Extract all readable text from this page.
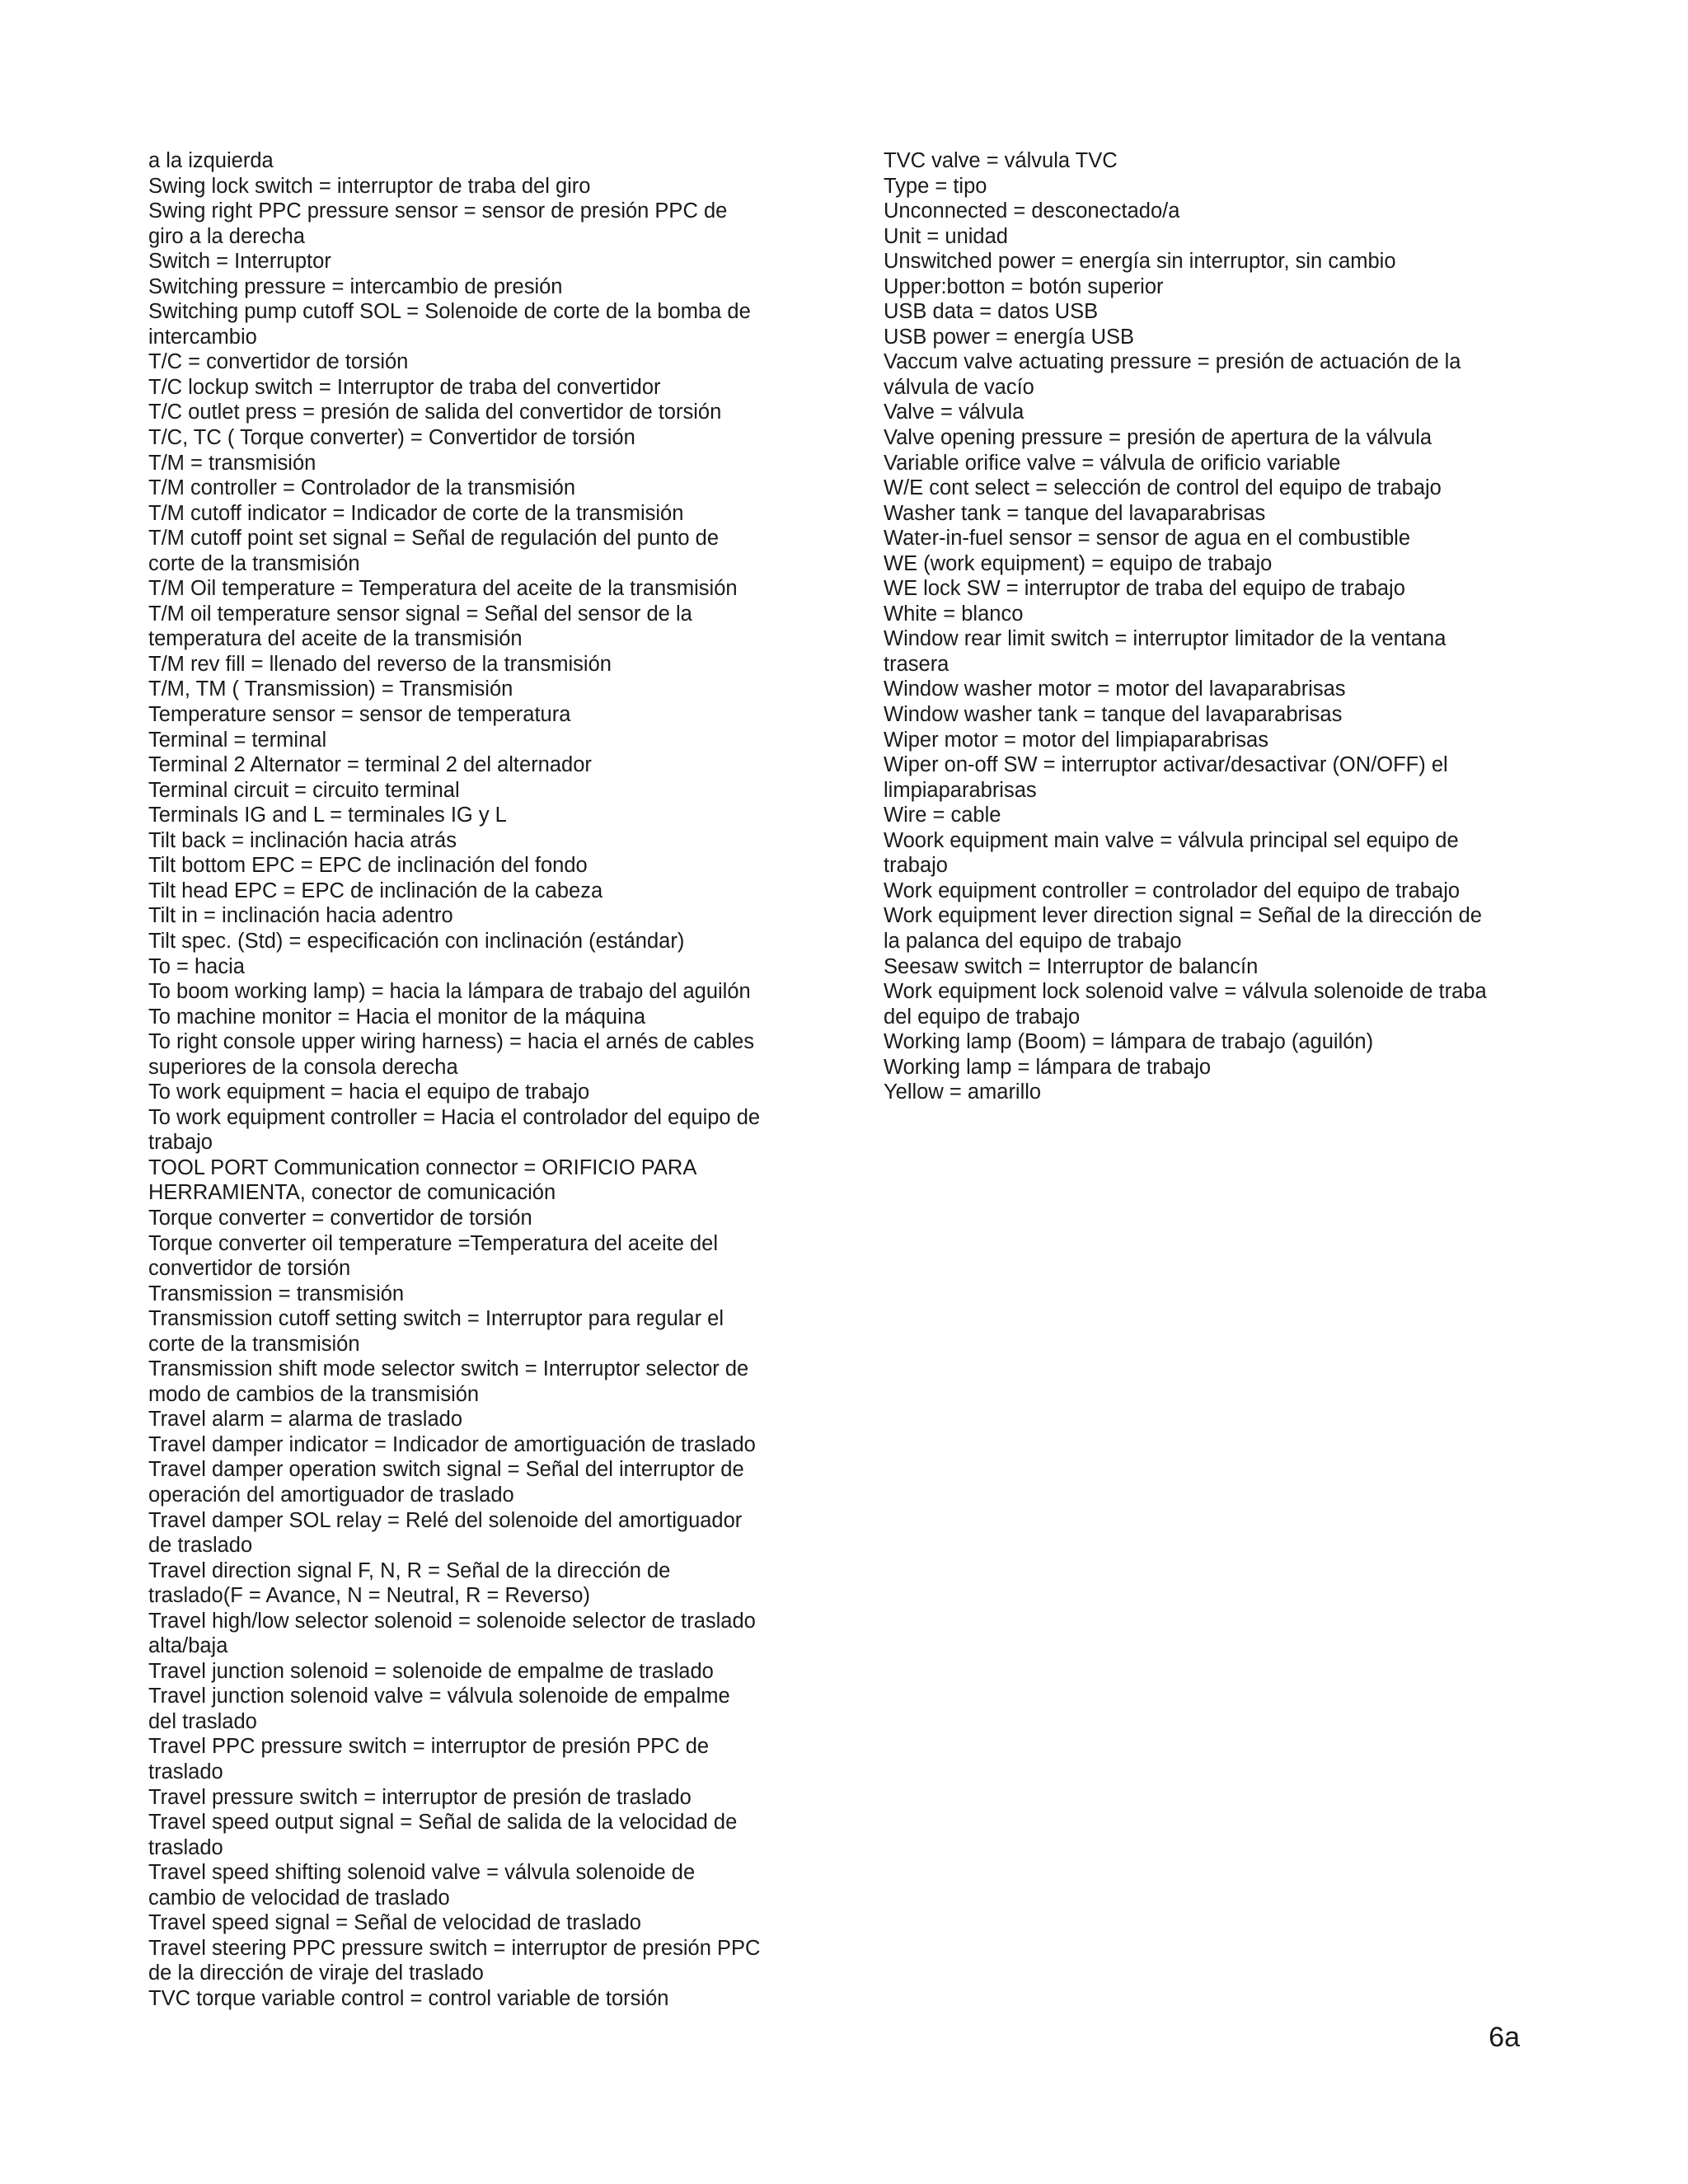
a la izquierda
Swing lock switch = interruptor de traba del giro
Swing right PPC pressure sensor = sensor de presión PPC de
giro a la derecha
Switch = Interruptor
Switching pressure = intercambio de presión
Switching pump cutoff SOL = Solenoide de corte de la bomba de
intercambio
T/C = convertidor de torsión
T/C lockup switch = Interruptor de traba del convertidor
T/C outlet press = presión de salida del convertidor de torsión
T/C, TC ( Torque converter) = Convertidor de torsión
T/M = transmisión
T/M controller = Controlador de la transmisión
T/M cutoff indicator = Indicador de corte de la transmisión
T/M cutoff point set signal = Señal de regulación del punto de
corte de la transmisión
T/M Oil temperature = Temperatura del aceite de la transmisión
T/M oil temperature sensor signal = Señal del sensor de la
temperatura del aceite de la transmisión
T/M rev fill = llenado del reverso de la transmisión
T/M, TM ( Transmission) = Transmisión
Temperature sensor = sensor de temperatura
Terminal = terminal
Terminal 2 Alternator = terminal 2 del alternador
Terminal circuit = circuito terminal
Terminals IG and L = terminales IG y L
Tilt back = inclinación hacia atrás
Tilt bottom EPC = EPC de inclinación del fondo
Tilt head EPC = EPC de inclinación de la cabeza
Tilt in = inclinación hacia adentro
Tilt spec. (Std) = especificación con inclinación (estándar)
To = hacia
To boom working lamp) = hacia la lámpara de trabajo del aguilón
To machine monitor = Hacia el monitor de la máquina
To right console upper wiring harness) = hacia el arnés de cables
superiores de la consola derecha
To work equipment = hacia el equipo de trabajo
To work equipment controller = Hacia el controlador del equipo de
trabajo
TOOL PORT Communication connector = ORIFICIO PARA
HERRAMIENTA, conector de comunicación
Torque converter = convertidor de torsión
Torque converter oil temperature =Temperatura del aceite del
convertidor de torsión
Transmission = transmisión
Transmission cutoff setting switch = Interruptor para regular el
corte de la transmisión
Transmission shift mode selector switch = Interruptor selector de
modo de cambios de la transmisión
Travel alarm = alarma de traslado
Travel damper indicator = Indicador de amortiguación de traslado
Travel damper operation switch signal = Señal del interruptor de
operación del amortiguador de traslado
Travel damper SOL relay = Relé del solenoide del amortiguador
de traslado
Travel direction signal F, N, R = Señal de la dirección de
traslado(F = Avance, N = Neutral, R = Reverso)
Travel high/low selector solenoid = solenoide selector de traslado
alta/baja
Travel junction solenoid = solenoide de empalme de traslado
Travel junction solenoid valve = válvula solenoide de empalme
del traslado
Travel PPC pressure switch = interruptor de presión PPC de
traslado
Travel pressure switch = interruptor de presión de traslado
Travel speed output signal = Señal de salida de la velocidad de
traslado
Travel speed shifting solenoid valve = válvula solenoide de
cambio de velocidad de traslado
Travel speed signal = Señal de velocidad de traslado
Travel steering PPC pressure switch = interruptor de presión PPC
de la dirección de viraje del traslado
TVC torque variable control = control variable de torsión
TVC valve = válvula TVC
Type = tipo
Unconnected = desconectado/a
Unit = unidad
Unswitched power = energía sin interruptor, sin cambio
Upper:botton = botón superior
USB data = datos USB
USB power = energía USB
Vaccum valve actuating pressure = presión de actuación de la
válvula de vacío
Valve = válvula
Valve opening pressure = presión de apertura de la válvula
Variable orifice valve = válvula de orificio variable
W/E cont select = selección de control del equipo de trabajo
Washer tank = tanque del lavaparabrisas
Water-in-fuel sensor = sensor de agua en el combustible
WE (work equipment) = equipo de trabajo
WE lock SW = interruptor de traba del equipo de trabajo
White = blanco
Window rear limit switch = interruptor limitador de la ventana
trasera
Window washer motor = motor del lavaparabrisas
Window washer tank = tanque del lavaparabrisas
Wiper motor = motor del limpiaparabrisas
Wiper on-off SW = interruptor activar/desactivar (ON/OFF) el
limpiaparabrisas
Wire = cable
Woork equipment main valve = válvula principal sel equipo de
trabajo
Work equipment controller = controlador del equipo de trabajo
Work equipment lever direction signal = Señal de la dirección de
la palanca del equipo de trabajo
Seesaw switch = Interruptor de balancín
Work equipment lock solenoid valve = válvula solenoide de traba
del equipo de trabajo
Working lamp (Boom) = lámpara de trabajo (aguilón)
Working lamp = lámpara de trabajo
Yellow = amarillo
6a
